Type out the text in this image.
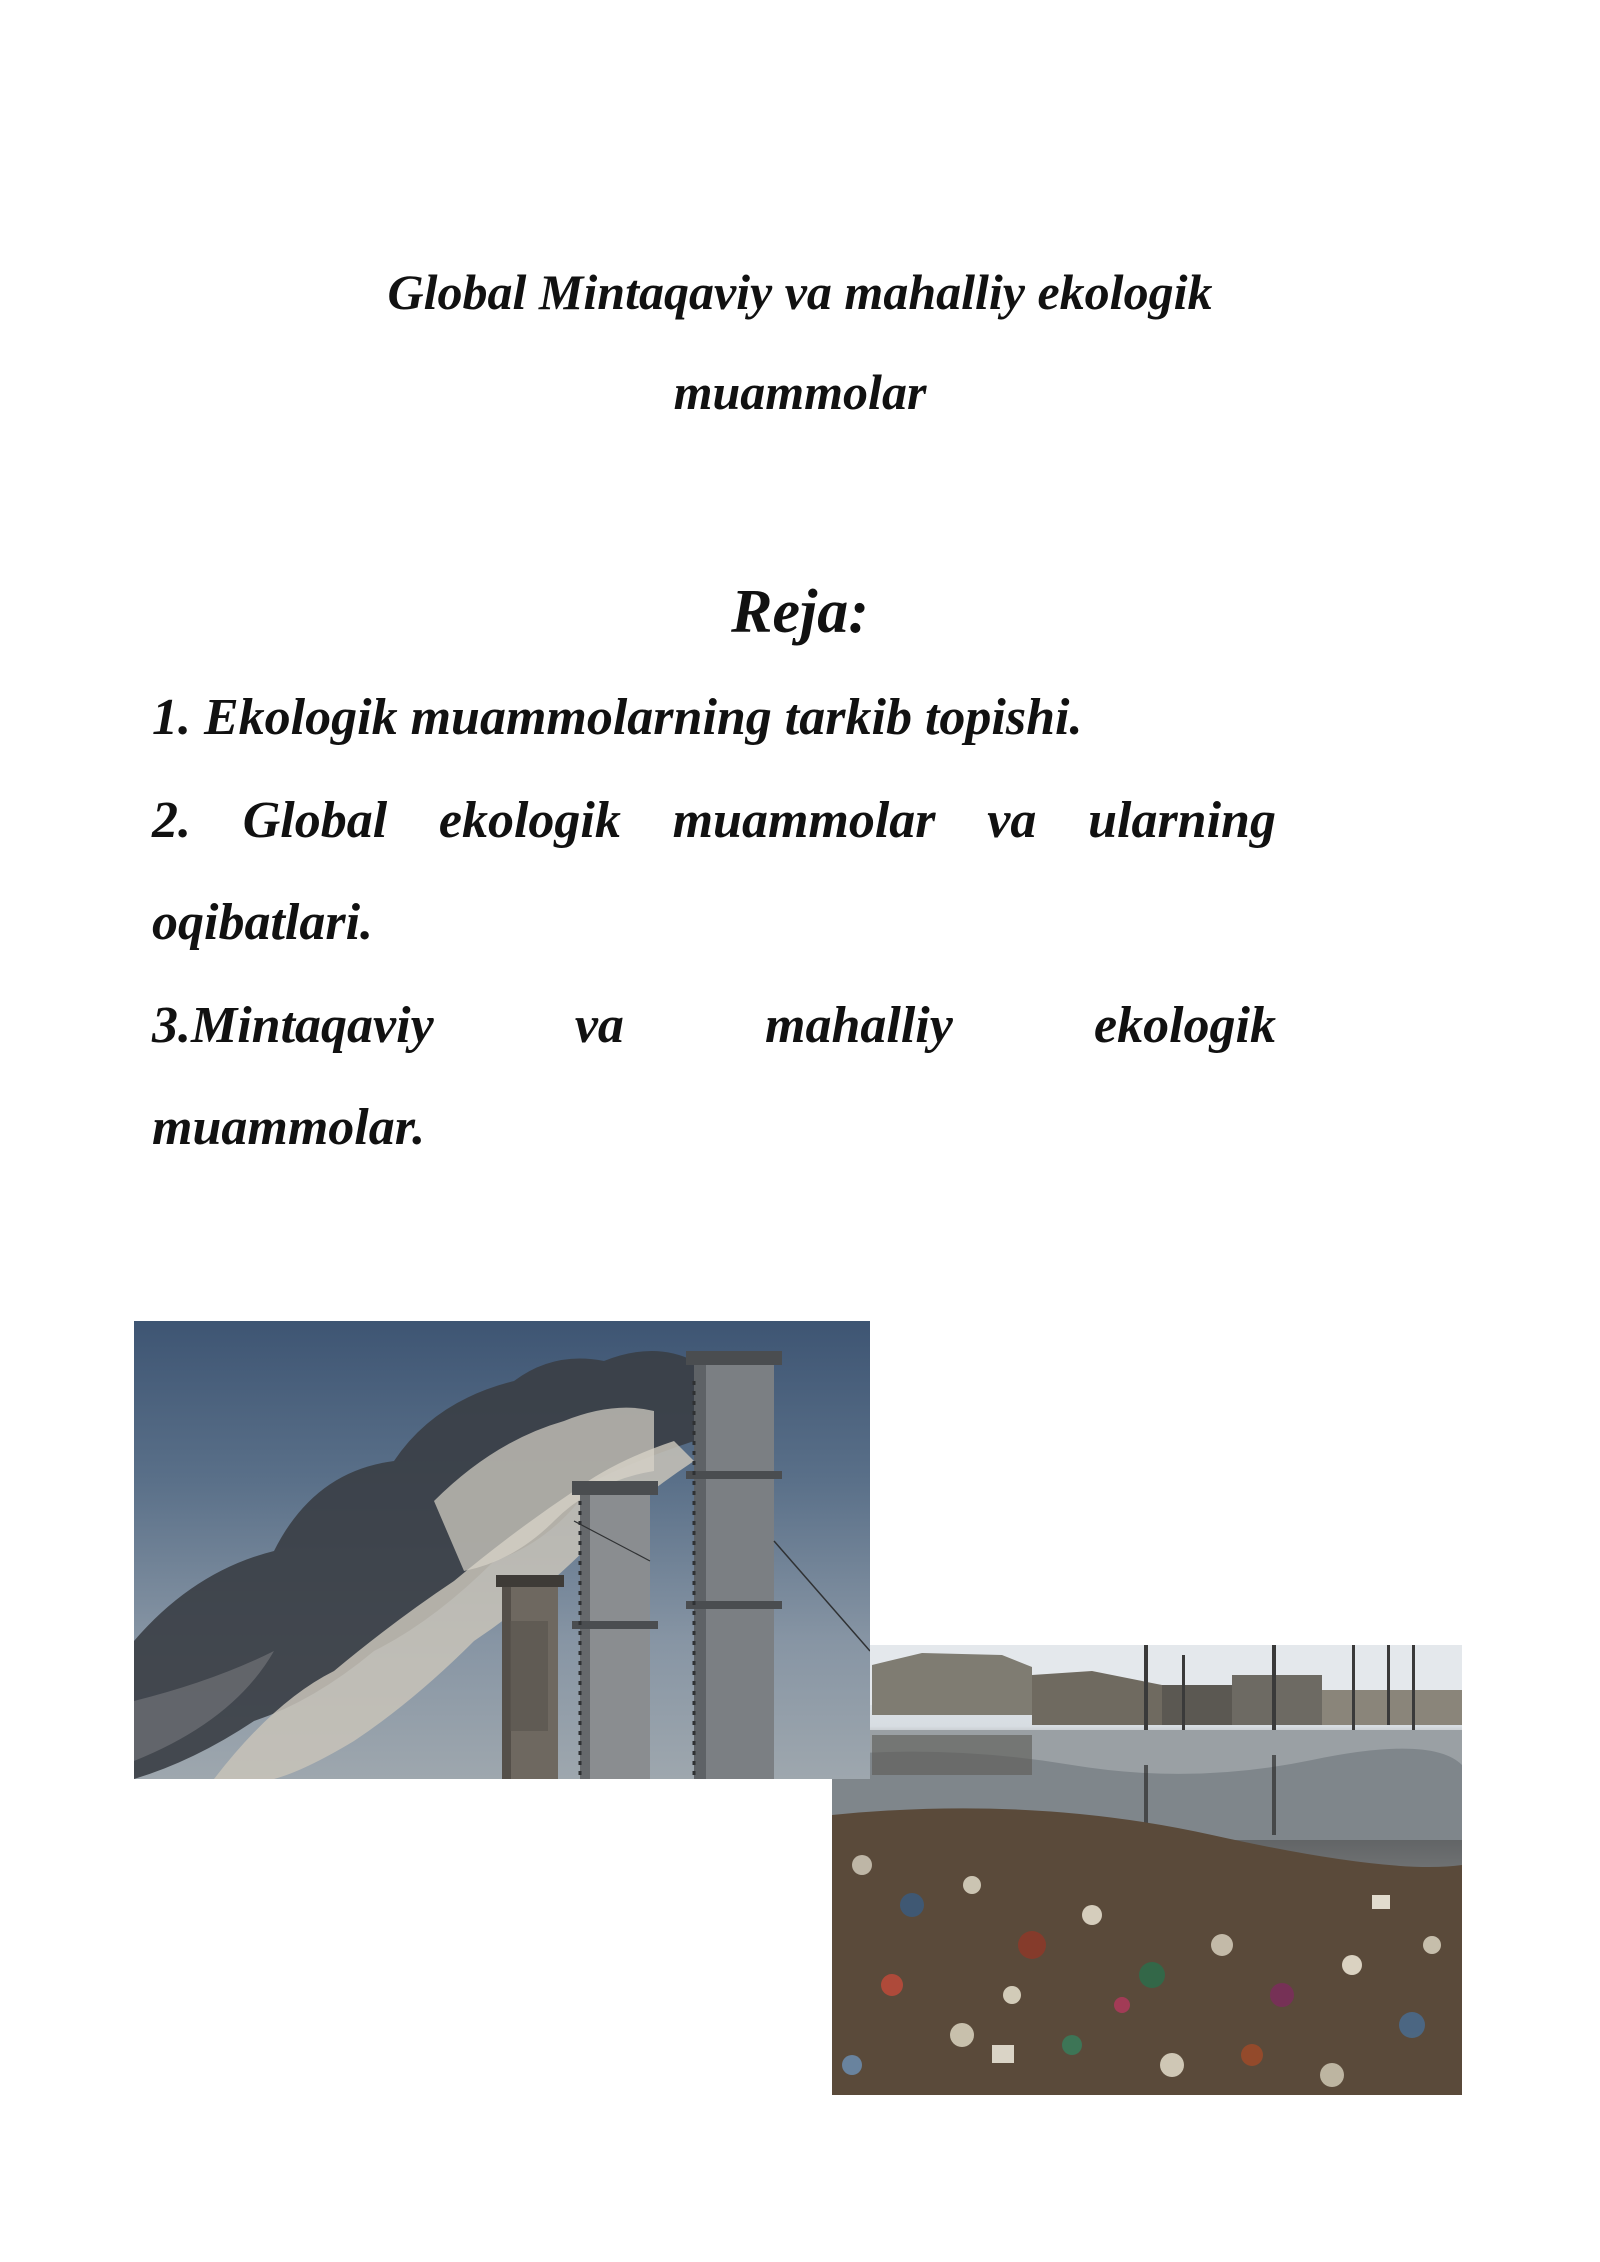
Global Mintaqaviy va mahalliy ekologik

muammolar

Reja:

1. Ekologik muammolarning tarkib topishi.

2. Global ekologik muammolar va ularning

oqibatlari.

3.Mintaqaviy	va	mahalliy	ekologik

muammolar.
